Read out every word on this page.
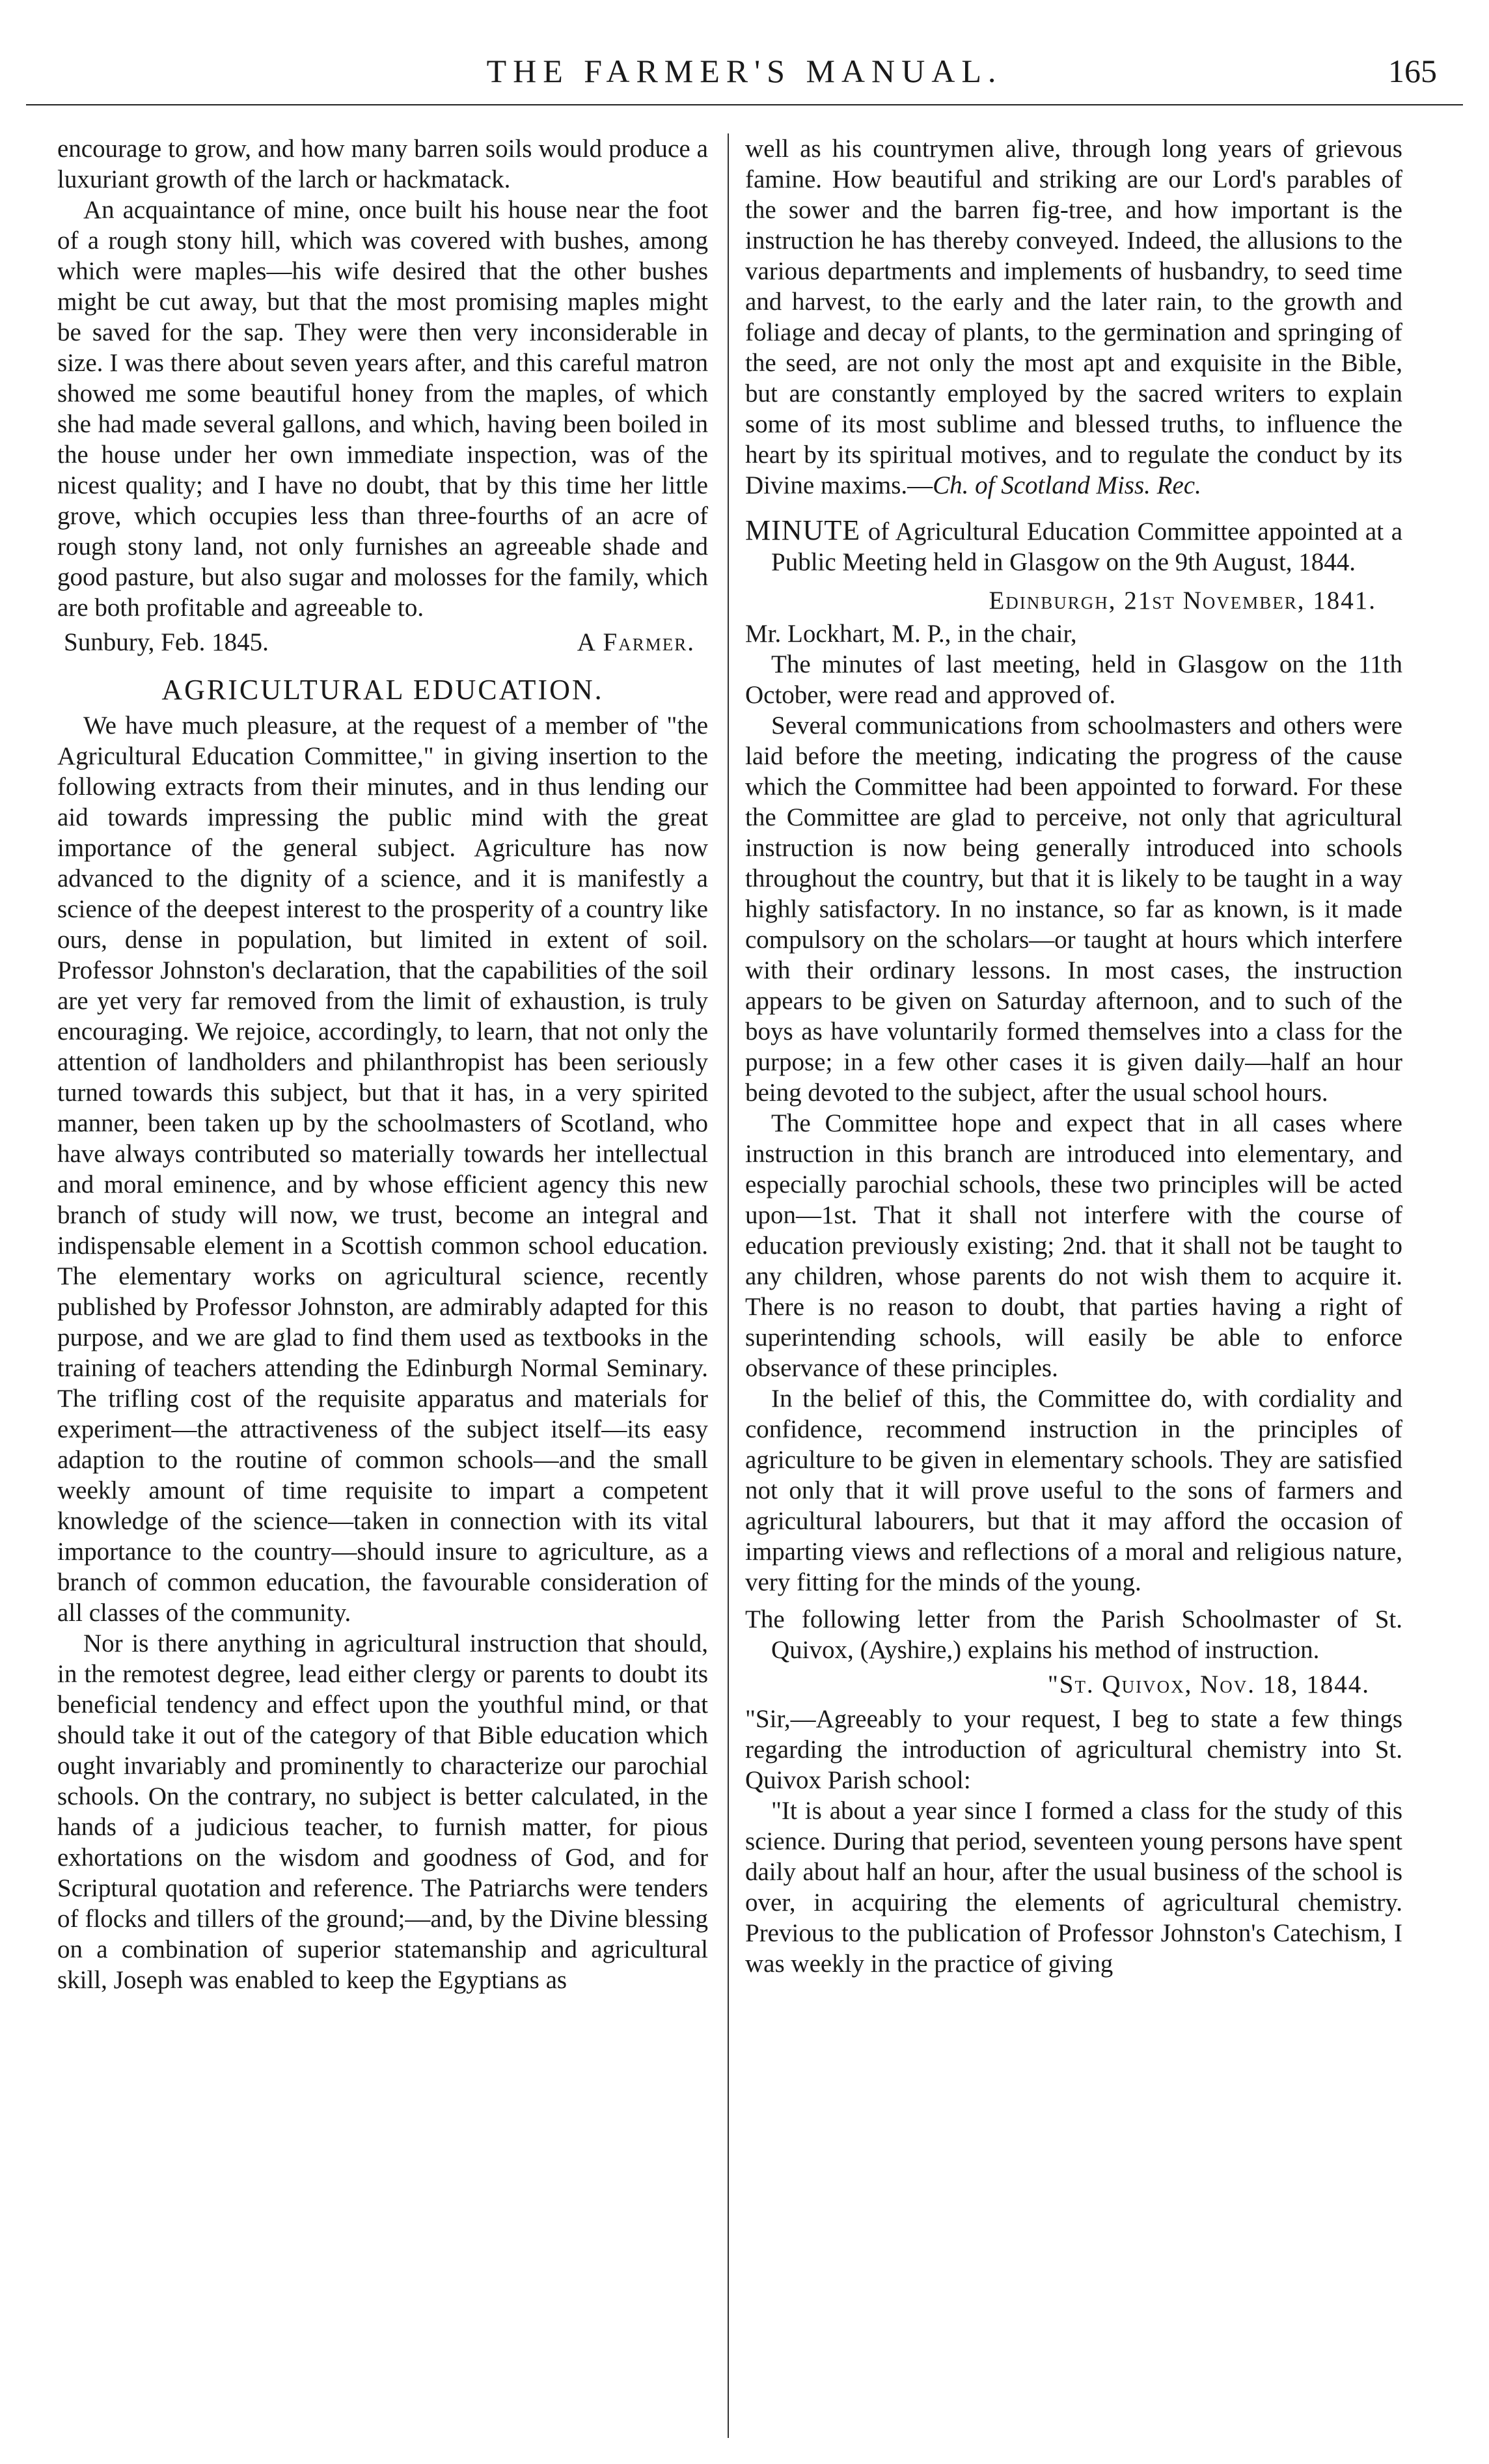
THE FARMER'S MANUAL.	165

encourage to grow, and how many barren soils would produce a luxuriant growth of the larch or hackmatack.

An acquaintance of mine, once built his house near the foot of a rough stony hill, which was covered with bushes, among which were maples—his wife desired that the other bushes might be cut away, but that the most promising maples might be saved for the sap. They were then very inconsiderable in size. I was there about seven years after, and this careful matron showed me some beautiful honey from the maples, of which she had made several gallons, and which, having been boiled in the house under her own immediate inspection, was of the nicest quality; and I have no doubt, that by this time her little grove, which occupies less than three-fourths of an acre of rough stony land, not only furnishes an agreeable shade and good pasture, but also sugar and molosses for the family, which are both profitable and agreeable to.

Sunbury, Feb. 1845.	A Farmer.
AGRICULTURAL EDUCATION.

We have much pleasure, at the request of a member of "the Agricultural Education Committee," in giving insertion to the following extracts from their minutes, and in thus lending our aid towards impressing the public mind with the great importance of the general subject. Agriculture has now advanced to the dignity of a science, and it is manifestly a science of the deepest interest to the prosperity of a country like ours, dense in population, but limited in extent of soil. Professor Johnston's declaration, that the capabilities of the soil are yet very far removed from the limit of exhaustion, is truly encouraging. We rejoice, accordingly, to learn, that not only the attention of landholders and philanthropist has been seriously turned towards this subject, but that it has, in a very spirited manner, been taken up by the schoolmasters of Scotland, who have always contributed so materially towards her intellectual and moral eminence, and by whose efficient agency this new branch of study will now, we trust, become an integral and indispensable element in a Scottish common school education. The elementary works on agricultural science, recently published by Professor Johnston, are admirably adapted for this purpose, and we are glad to find them used as textbooks in the training of teachers attending the Edinburgh Normal Seminary. The trifling cost of the requisite apparatus and materials for experiment—the attractiveness of the subject itself—its easy adaption to the routine of common schools—and the small weekly amount of time requisite to impart a competent knowledge of the science—taken in connection with its vital importance to the country—should insure to agriculture, as a branch of common education, the favourable consideration of all classes of the community.

Nor is there anything in agricultural instruction that should, in the remotest degree, lead either clergy or parents to doubt its beneficial tendency and effect upon the youthful mind, or that should take it out of the category of that Bible education which ought invariably and prominently to characterize our parochial schools. On the contrary, no subject is better calculated, in the hands of a judicious teacher, to furnish matter, for pious exhortations on the wisdom and goodness of God, and for Scriptural quotation and reference. The Patriarchs were tenders of flocks and tillers of the ground;—and, by the Divine blessing on a combination of superior statemanship and agricultural skill, Joseph was enabled to keep the Egyptians as

well as his countrymen alive, through long years of grievous famine. How beautiful and striking are our Lord's parables of the sower and the barren fig-tree, and how important is the instruction he has thereby conveyed. Indeed, the allusions to the various departments and implements of husbandry, to seed time and harvest, to the early and the later rain, to the growth and foliage and decay of plants, to the germination and springing of the seed, are not only the most apt and exquisite in the Bible, but are constantly employed by the sacred writers to explain some of its most sublime and blessed truths, to influence the heart by its spiritual motives, and to regulate the conduct by its Divine maxims.—Ch. of Scotland Miss. Rec.

MINUTE of Agricultural Education Committee appointed at a Public Meeting held in Glasgow on the 9th August, 1844.

Edinburgh, 21st November, 1841.

Mr. Lockhart, M. P., in the chair,

The minutes of last meeting, held in Glasgow on the 11th October, were read and approved of.

Several communications from schoolmasters and others were laid before the meeting, indicating the progress of the cause which the Committee had been appointed to forward. For these the Committee are glad to perceive, not only that agricultural instruction is now being generally introduced into schools throughout the country, but that it is likely to be taught in a way highly satisfactory. In no instance, so far as known, is it made compulsory on the scholars—or taught at hours which interfere with their ordinary lessons. In most cases, the instruction appears to be given on Saturday afternoon, and to such of the boys as have voluntarily formed themselves into a class for the purpose; in a few other cases it is given daily—half an hour being devoted to the subject, after the usual school hours.

The Committee hope and expect that in all cases where instruction in this branch are introduced into elementary, and especially parochial schools, these two principles will be acted upon—1st. That it shall not interfere with the course of education previously existing; 2nd. that it shall not be taught to any children, whose parents do not wish them to acquire it. There is no reason to doubt, that parties having a right of superintending schools, will easily be able to enforce observance of these principles.

In the belief of this, the Committee do, with cordiality and confidence, recommend instruction in the principles of agriculture to be given in elementary schools. They are satisfied not only that it will prove useful to the sons of farmers and agricultural labourers, but that it may afford the occasion of imparting views and reflections of a moral and religious nature, very fitting for the minds of the young.

The following letter from the Parish Schoolmaster of St. Quivox, (Ayshire,) explains his method of instruction.

"St. Quivox, Nov. 18, 1844.

"Sir,—Agreeably to your request, I beg to state a few things regarding the introduction of agricultural chemistry into St. Quivox Parish school:

"It is about a year since I formed a class for the study of this science. During that period, seventeen young persons have spent daily about half an hour, after the usual business of the school is over, in acquiring the elements of agricultural chemistry. Previous to the publication of Professor Johnston's Catechism, I was weekly in the practice of giving
